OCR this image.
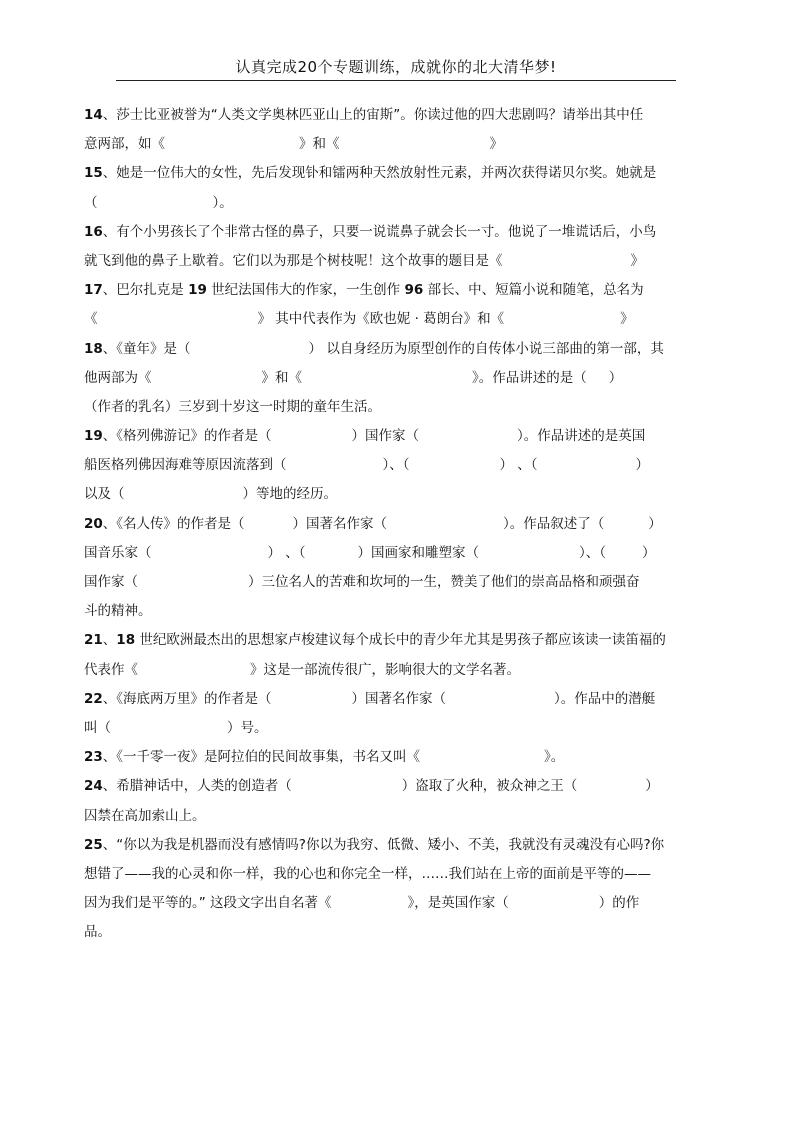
认真完成20个专题训练，成就你的北大清华梦!
14、莎士比亚被誉为“人类文学奥林匹亚山上的宙斯”。你读过他的四大悲剧吗？请举出其中任
意两部，如《	》和《	》
15、她是一位伟大的女性，先后发现钋和镭两种天然放射性元素，并两次获得诺贝尔奖。她就是
（	）。
16、有个小男孩长了个非常古怪的鼻子，只要一说谎鼻子就会长一寸。他说了一堆谎话后，小鸟
就飞到他的鼻子上歇着。它们以为那是个树枝呢！这个故事的题目是《	》
17、巴尔扎克是 19 世纪法国伟大的作家，一生创作 96 部长、中、短篇小说和随笔，总名为
《	》 其中代表作为《欧也妮 · 葛朗台》和《	》
18、《童年》是（	） 以自身经历为原型创作的自传体小说三部曲的第一部，其
他两部为《	》和《	》。作品讲述的是（ ）
（作者的乳名）三岁到十岁这一时期的童年生活。
19、《格列佛游记》的作者是（	）国作家（	）。作品讲述的是英国
船医格列佛因海难等原因流落到（	）、（	） 、（	）
以及（	）等地的经历。
20、《名人传》的作者是（	）国著名作家（	）。作品叙述了（	）
国音乐家（	） 、（	）国画家和雕塑家（	）、（	）
国作家（	）三位名人的苦难和坎坷的一生，赞美了他们的崇高品格和顽强奋
斗的精神。
21、18 世纪欧洲最杰出的思想家卢梭建议每个成长中的青少年尤其是男孩子都应该读一读笛福的
代表作《	》这是一部流传很广，影响很大的文学名著。
22、《海底两万里》的作者是（	）国著名作家（	）。作品中的潜艇
叫（	）号。
23、《一千零一夜》是阿拉伯的民间故事集，书名又叫《	》。
24、希腊神话中，人类的创造者（	）盗取了火种，被众神之王（	）
囚禁在高加索山上。
25、“你以为我是机器而没有感情吗?你以为我穷、低微、矮小、不美，我就没有灵魂没有心吗?你
想错了——我的心灵和你一样，我的心也和你完全一样，……我们站在上帝的面前是平等的——
因为我们是平等的。” 这段文字出自名著《	》，是英国作家（	）的作
品。
